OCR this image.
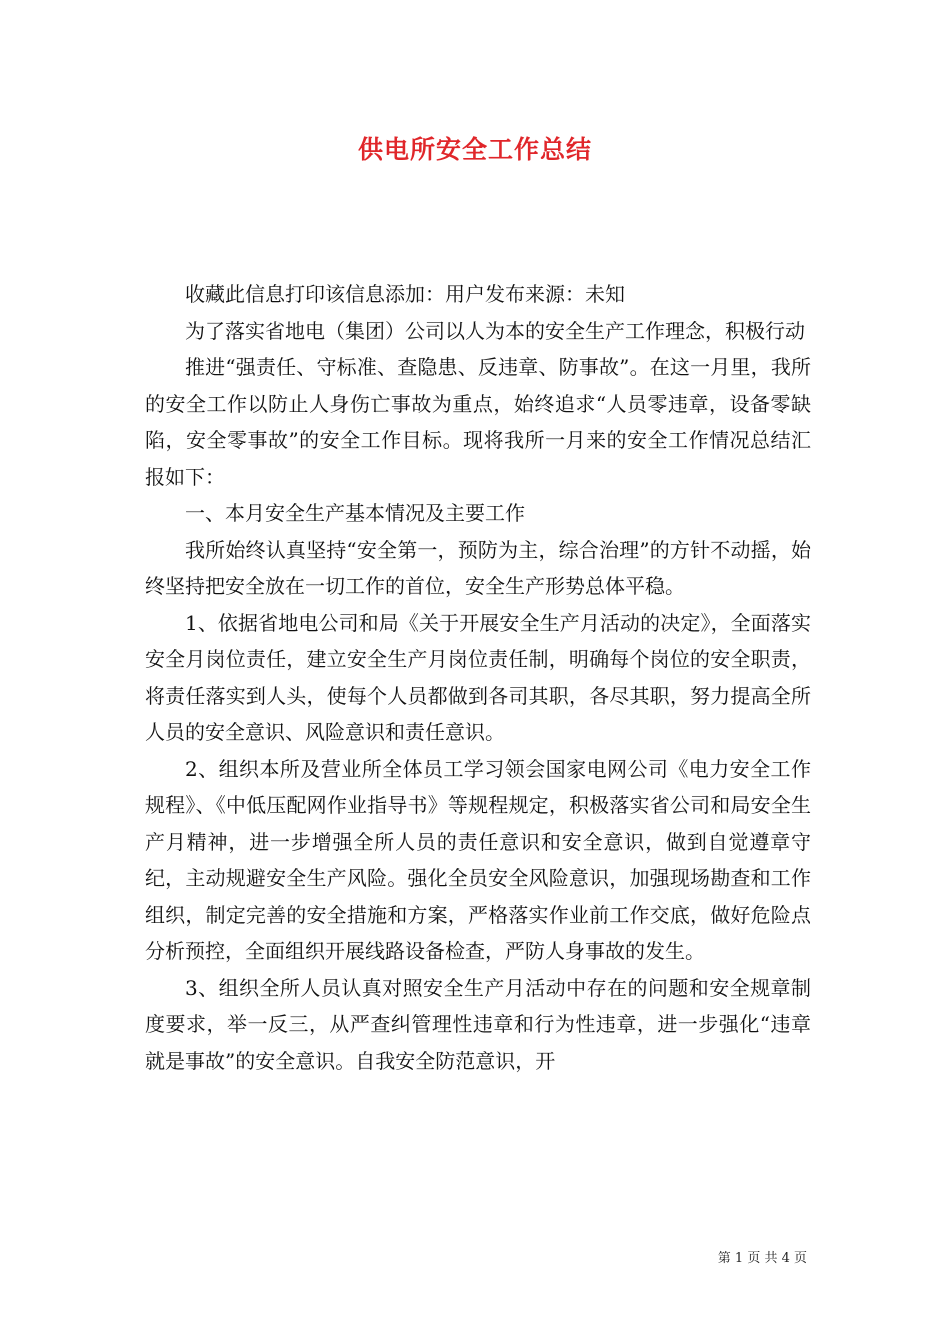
供电所安全工作总结

收藏此信息打印该信息添加：用户发布来源：未知

为了落实省地电（集团）公司以人为本的安全生产工作理念，积极行动

推进“强责任、守标准、查隐患、反违章、防事故”。在这一月里，我所的安全工作以防止人身伤亡事故为重点，始终追求“人员零违章，设备零缺陷，安全零事故”的安全工作目标。现将我所一月来的安全工作情况总结汇报如下：

一、本月安全生产基本情况及主要工作

我所始终认真坚持“安全第一，预防为主，综合治理”的方针不动摇，始终坚持把安全放在一切工作的首位，安全生产形势总体平稳。

1、依据省地电公司和局《关于开展安全生产月活动的决定》，全面落实安全月岗位责任，建立安全生产月岗位责任制，明确每个岗位的安全职责，将责任落实到人头，使每个人员都做到各司其职，各尽其职，努力提高全所人员的安全意识、风险意识和责任意识。

2、组织本所及营业所全体员工学习领会国家电网公司《电力安全工作规程》、《中低压配网作业指导书》等规程规定，积极落实省公司和局安全生产月精神，进一步增强全所人员的责任意识和安全意识，做到自觉遵章守纪，主动规避安全生产风险。强化全员安全风险意识，加强现场勘查和工作组织，制定完善的安全措施和方案，严格落实作业前工作交底，做好危险点分析预控，全面组织开展线路设备检查，严防人身事故的发生。

3、组织全所人员认真对照安全生产月活动中存在的问题和安全规章制度要求，举一反三，从严查纠管理性违章和行为性违章，进一步强化“违章就是事故”的安全意识。自我安全防范意识，开

第 1 页 共 4 页
